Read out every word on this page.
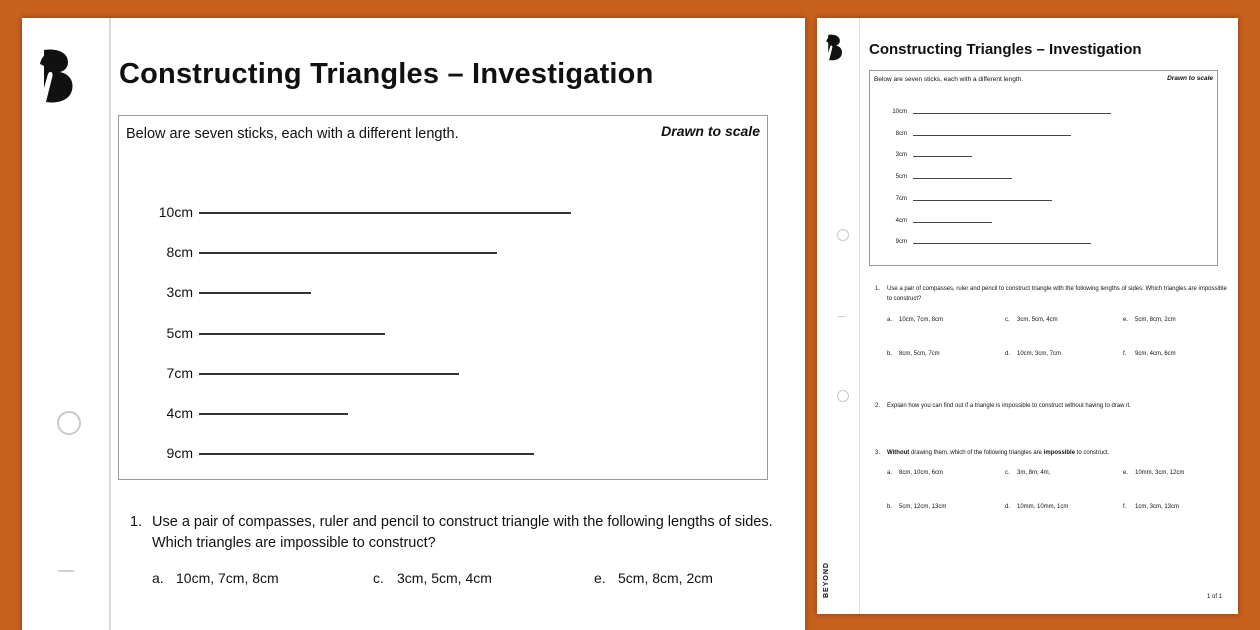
Constructing Triangles – Investigation
Below are seven sticks, each with a different length.	Drawn to scale
10cm
8cm
3cm
5cm
7cm
4cm
9cm
1. Use a pair of compasses, ruler and pencil to construct triangle with the following lengths of sides. Which triangles are impossible to construct?
a. 10cm, 7cm, 8cm	c. 3cm, 5cm, 4cm	e. 5cm, 8cm, 2cm	BEYOND
Constructing Triangles – Investigation
Below are seven sticks, each with a different length.	Drawn to scale
10cm
8cm
3cm
5cm
7cm
4cm
9cm
1. Use a pair of compasses, ruler and pencil to construct triangle with the following lengths of sides. Which triangles are impossible to construct?
a. 10cm, 7cm, 8cm	c. 3cm, 5cm, 4cm	e. 5cm, 8cm, 2cm
b. 8cm, 5cm, 7cm	d. 10cm, 3cm, 7cm	f. 9cm, 4cm, 6cm
2. Explain how you can find out if a triangle is impossible to construct without having to draw it.
3. Without drawing them, which of the following triangles are impossible to construct.
a. 8cm, 10cm, 6cm	c. 3m, 8m, 4m,	e. 10mm, 3cm, 12cm
b. 5cm, 12cm, 13cm	d. 10mm, 10mm, 1cm	f. 1cm, 3cm, 13cm
1 of 1
